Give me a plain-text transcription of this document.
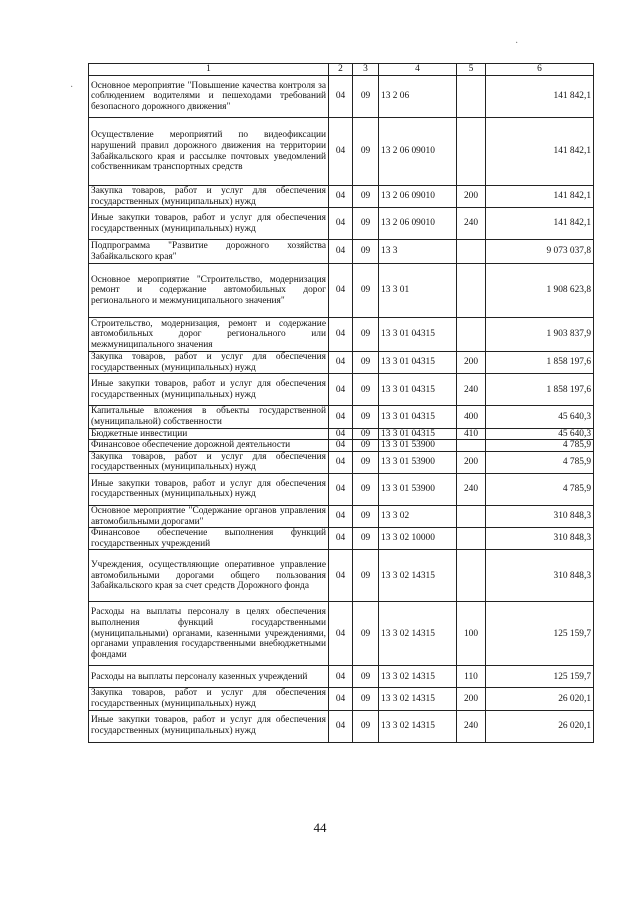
·
·
1	2	3	4	5	6
Основное мероприятие "Повышение качества контроля за соблюдением водителями и пешеходами требований безопасного дорожного движения"	04	09	13 2 06		141 842,1
Осуществление мероприятий по видеофиксации нарушений правил дорожного движения на территории Забайкальского края и рассылке почтовых уведомлений собственникам транспортных средств	04	09	13 2 06 09010		141 842,1
Закупка товаров, работ и услуг для обеспечения государственных (муниципальных) нужд	04	09	13 2 06 09010	200	141 842,1
Иные закупки товаров, работ и услуг для обеспечения государственных (муниципальных) нужд	04	09	13 2 06 09010	240	141 842,1
Подпрограмма "Развитие дорожного хозяйства Забайкальского края"	04	09	13 3		9 073 037,8
Основное мероприятие "Строительство, модернизация ремонт и содержание автомобильных дорог регионального и межмуниципального значения"	04	09	13 3 01		1 908 623,8
Строительство, модернизация, ремонт и содержание автомобильных дорог регионального или межмуниципального значения	04	09	13 3 01 04315		1 903 837,9
Закупка товаров, работ и услуг для обеспечения государственных (муниципальных) нужд	04	09	13 3 01 04315	200	1 858 197,6
Иные закупки товаров, работ и услуг для обеспечения государственных (муниципальных) нужд	04	09	13 3 01 04315	240	1 858 197,6
Капитальные вложения в объекты государственной (муниципальной) собственности	04	09	13 3 01 04315	400	45 640,3
Бюджетные инвестиции	04	09	13 3 01 04315	410	45 640,3
Финансовое обеспечение дорожной деятельности	04	09	13 3 01 53900		4 785,9
Закупка товаров, работ и услуг для обеспечения государственных (муниципальных) нужд	04	09	13 3 01 53900	200	4 785,9
Иные закупки товаров, работ и услуг для обеспечения государственных (муниципальных) нужд	04	09	13 3 01 53900	240	4 785,9
Основное мероприятие "Содержание органов управления автомобильными дорогами"	04	09	13 3 02		310 848,3
Финансовое обеспечение выполнения функций государственных учреждений	04	09	13 3 02 10000		310 848,3
Учреждения, осуществляющие оперативное управление автомобильными дорогами общего пользования Забайкальского края за счет средств Дорожного фонда	04	09	13 3 02 14315		310 848,3
Расходы на выплаты персоналу в целях обеспечения выполнения функций государственными (муниципальными) органами, казенными учреждениями, органами управления государственными внебюджетными фондами	04	09	13 3 02 14315	100	125 159,7
Расходы на выплаты персоналу казенных учреждений	04	09	13 3 02 14315	110	125 159,7
Закупка товаров, работ и услуг для обеспечения государственных (муниципальных) нужд	04	09	13 3 02 14315	200	26 020,1
Иные закупки товаров, работ и услуг для обеспечения государственных (муниципальных) нужд	04	09	13 3 02 14315	240	26 020,1
44
